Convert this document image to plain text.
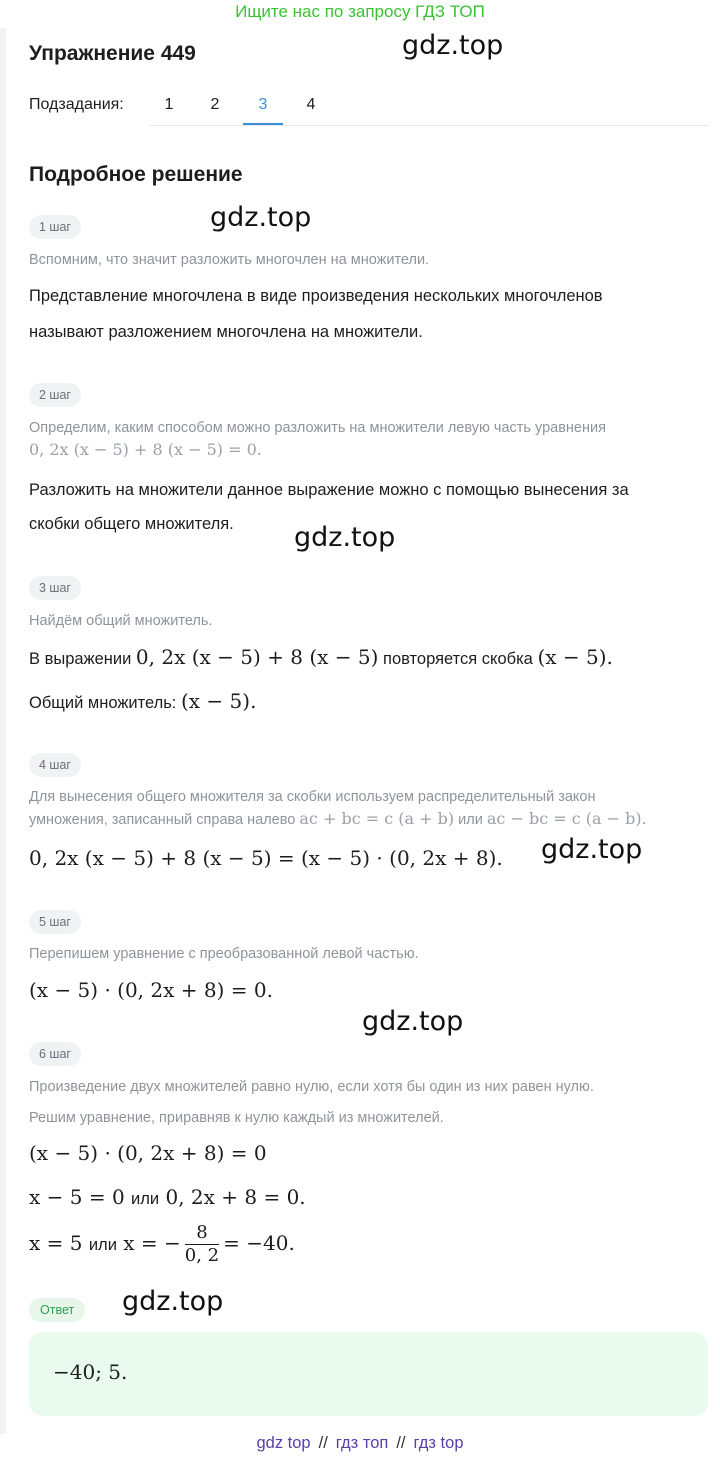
Ищите нас по запросу ГДЗ ТОП
gdz.top
gdz.top
gdz.top
gdz.top
gdz.top
gdz.top
Упражнение 449
Подзадания:	1	2	3	4
Подробное решение
1 шаг
Вспомним, что значит разложить многочлен на множители.
Представление многочлена в виде произведения нескольких многочленов
называют разложением многочлена на множители.
2 шаг
Определим, каким способом можно разложить на множители левую часть уравнения
0, 2x (x − 5) + 8 (x − 5) = 0.
Разложить на множители данное выражение можно с помощью вынесения за
скобки общего множителя.
3 шаг
Найдём общий множитель.
В выражении 0, 2x (x − 5) + 8 (x − 5) повторяется скобка (x − 5).
Общий множитель: (x − 5).
4 шаг
Для вынесения общего множителя за скобки используем распределительный закон
умножения, записанный справа налево ac + bc = c (a + b) или ac − bc = c (a − b).
0, 2x (x − 5) + 8 (x − 5) = (x − 5) · (0, 2x + 8).
5 шаг
Перепишем уравнение с преобразованной левой частью.
(x − 5) · (0, 2x + 8) = 0.
6 шаг
Произведение двух множителей равно нулю, если хотя бы один из них равен нулю.
Решим уравнение, приравняв к нулю каждый из множителей.
(x − 5) · (0, 2x + 8) = 0
x − 5 = 0 или 0, 2x + 8 = 0.
x = 5 или x = − $\frac{8}{0, 2} = -40$.
Ответ
−40; 5.
gdz top // гдз топ // гдз top
